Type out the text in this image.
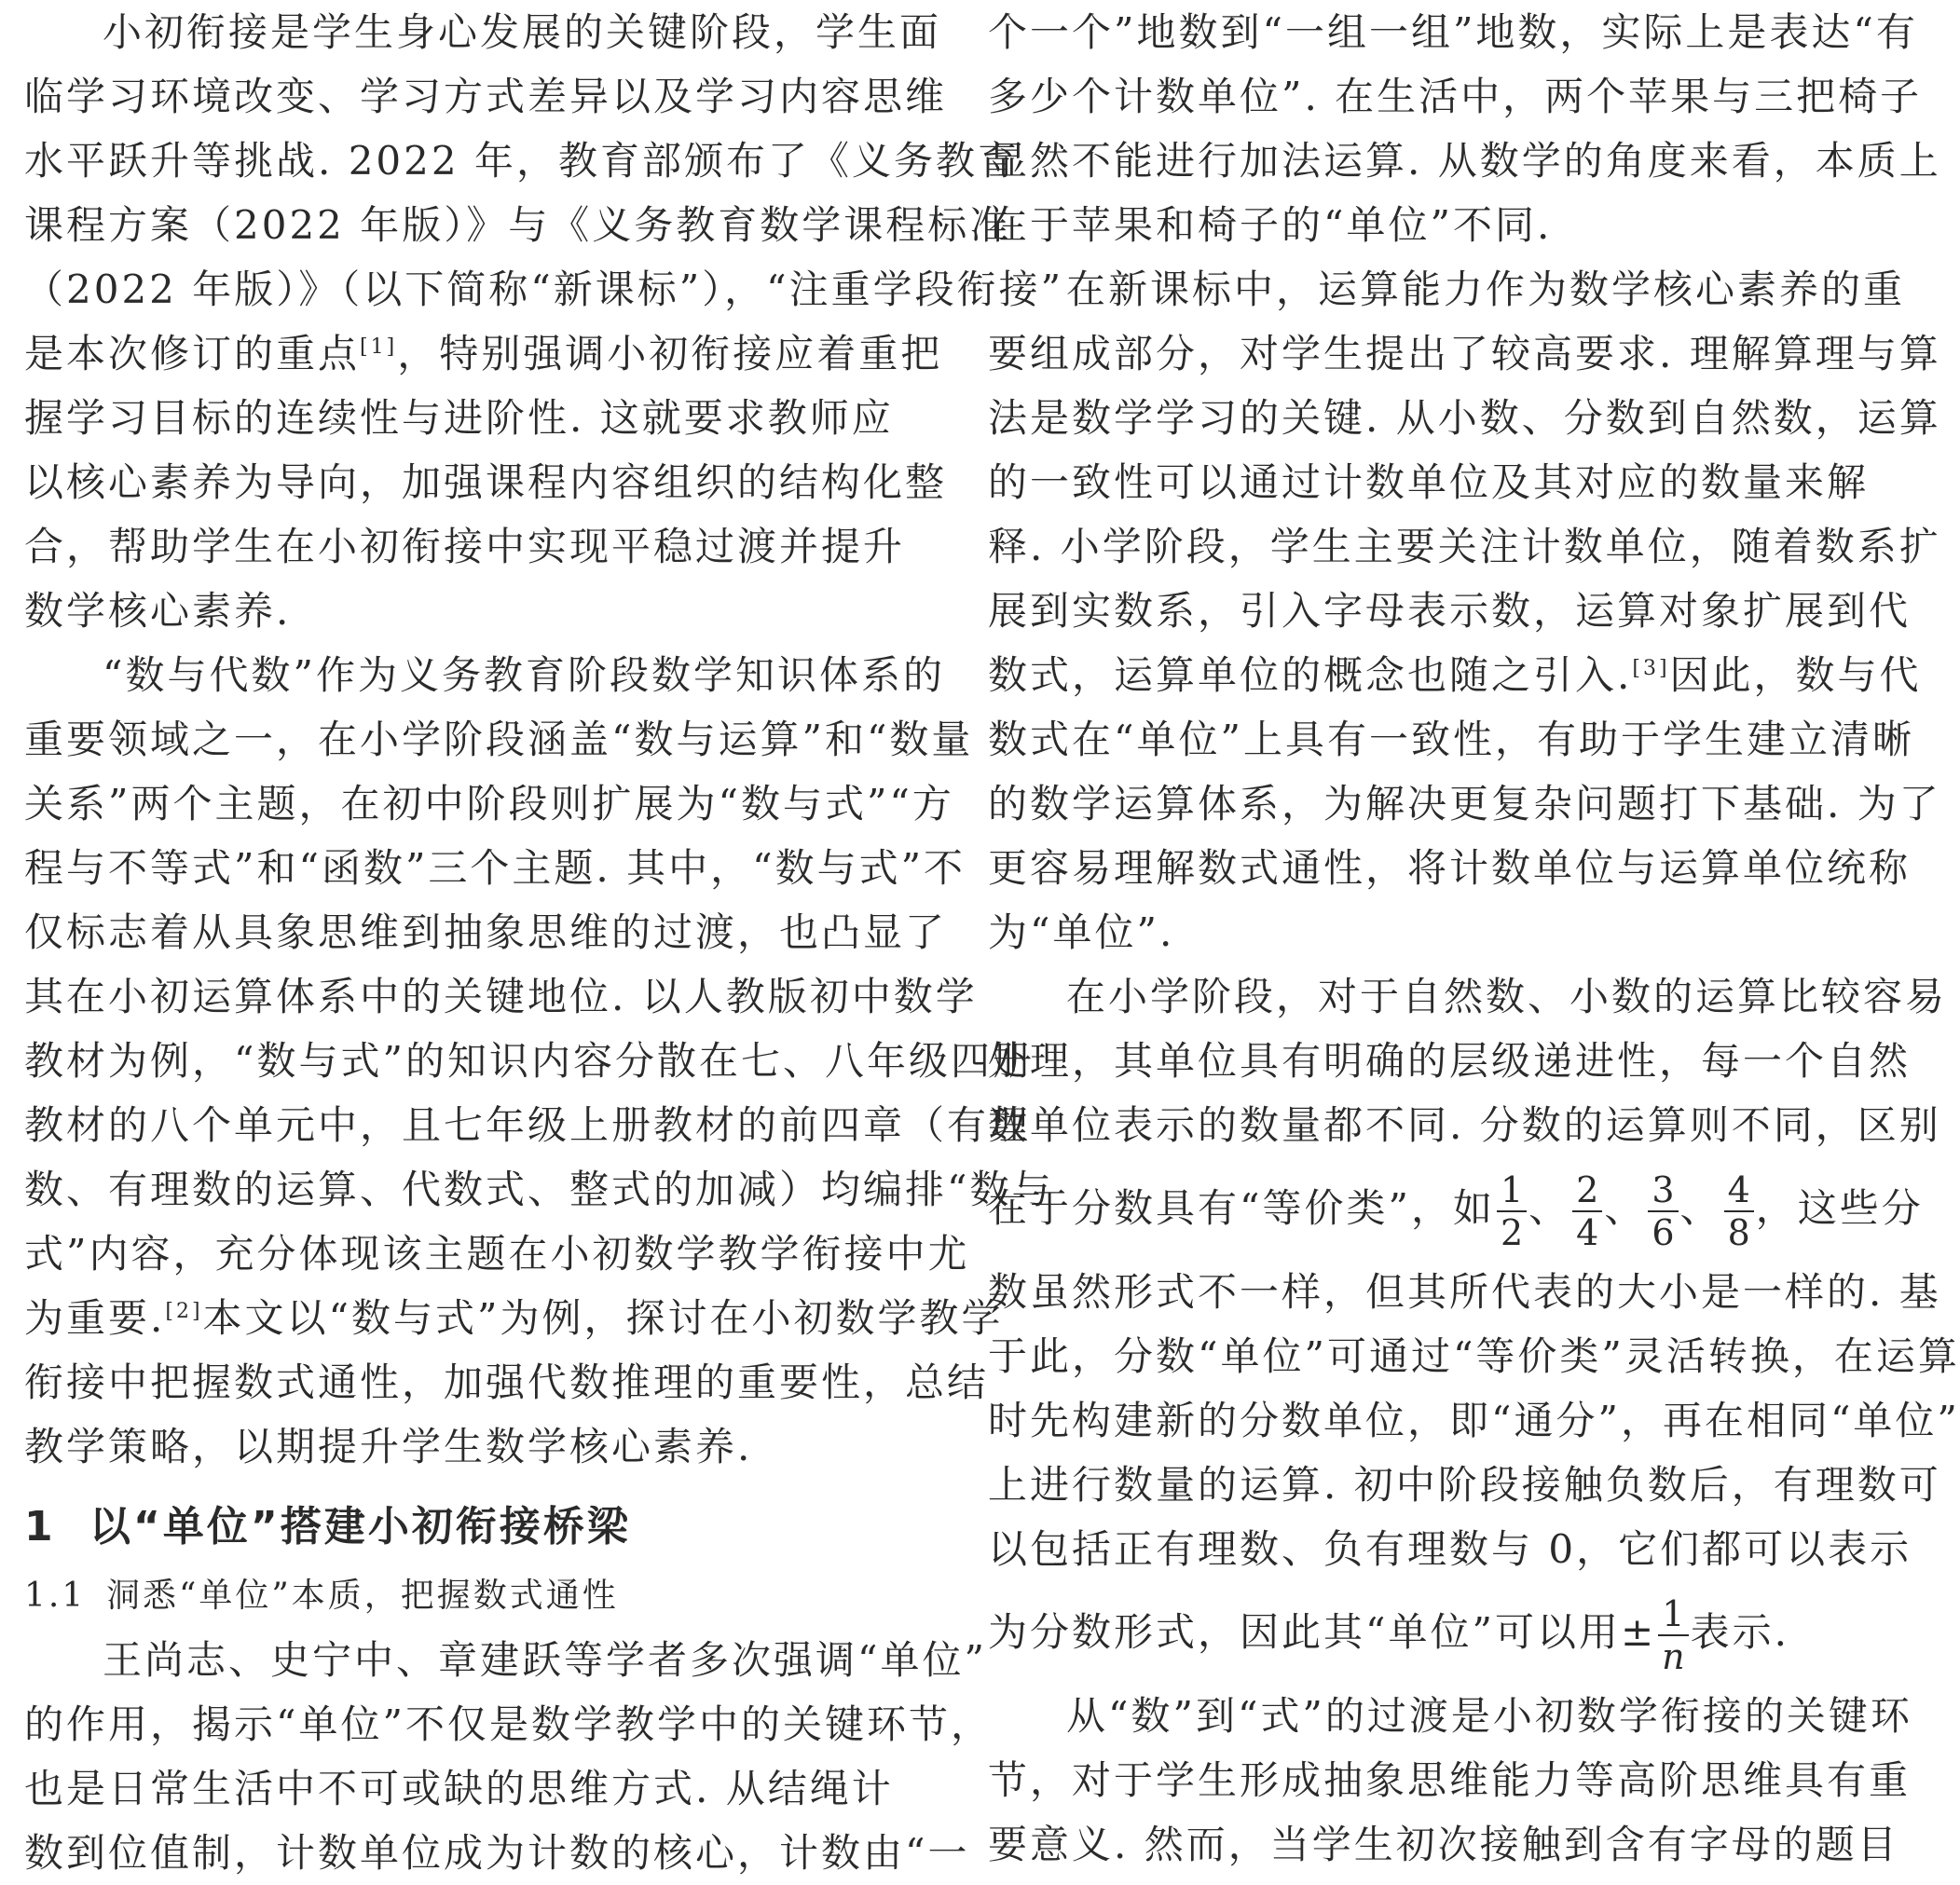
小初衔接是学生身心发展的关键阶段，学生面
临学习环境改变、学习方式差异以及学习内容思维
水平跃升等挑战. 2022 年，教育部颁布了《义务教育
课程方案（2022 年版）》与《义务教育数学课程标准
（2022 年版）》（以下简称“新课标”），“注重学段衔接”
是本次修订的重点[1]，特别强调小初衔接应着重把
握学习目标的连续性与进阶性. 这就要求教师应
以核心素养为导向，加强课程内容组织的结构化整
合，帮助学生在小初衔接中实现平稳过渡并提升
数学核心素养.
“数与代数”作为义务教育阶段数学知识体系的
重要领域之一，在小学阶段涵盖“数与运算”和“数量
关系”两个主题，在初中阶段则扩展为“数与式”“方
程与不等式”和“函数”三个主题. 其中，“数与式”不
仅标志着从具象思维到抽象思维的过渡，也凸显了
其在小初运算体系中的关键地位. 以人教版初中数学
教材为例，“数与式”的知识内容分散在七、八年级四册
教材的八个单元中，且七年级上册教材的前四章（有理
数、有理数的运算、代数式、整式的加减）均编排“数与
式”内容，充分体现该主题在小初数学教学衔接中尤
为重要.[2]本文以“数与式”为例，探讨在小初数学教学
衔接中把握数式通性，加强代数推理的重要性，总结
教学策略，以期提升学生数学核心素养.
1 以“单位”搭建小初衔接桥梁
1.1 洞悉“单位”本质，把握数式通性
王尚志、史宁中、章建跃等学者多次强调“单位”
的作用，揭示“单位”不仅是数学教学中的关键环节，
也是日常生活中不可或缺的思维方式. 从结绳计
数到位值制，计数单位成为计数的核心，计数由“一
个一个”地数到“一组一组”地数，实际上是表达“有
多少个计数单位”. 在生活中，两个苹果与三把椅子
显然不能进行加法运算. 从数学的角度来看，本质上
在于苹果和椅子的“单位”不同.
在新课标中，运算能力作为数学核心素养的重
要组成部分，对学生提出了较高要求. 理解算理与算
法是数学学习的关键. 从小数、分数到自然数，运算
的一致性可以通过计数单位及其对应的数量来解
释. 小学阶段，学生主要关注计数单位，随着数系扩
展到实数系，引入字母表示数，运算对象扩展到代
数式，运算单位的概念也随之引入.[3]因此，数与代
数式在“单位”上具有一致性，有助于学生建立清晰
的数学运算体系，为解决更复杂问题打下基础. 为了
更容易理解数式通性，将计数单位与运算单位统称
为“单位”.
在小学阶段，对于自然数、小数的运算比较容易
处理，其单位具有明确的层级递进性，每一个自然
数单位表示的数量都不同. 分数的运算则不同，区别
在于分数具有“等价类”，如 $\frac{1}{2}$ 、 $\frac{2}{4}$ 、 $\frac{3}{6}$ 、 $\frac{4}{8}$ ，这些分
数虽然形式不一样，但其所代表的大小是一样的. 基
于此，分数“单位”可通过“等价类”灵活转换，在运算
时先构建新的分数单位，即“通分”，再在相同“单位”
上进行数量的运算. 初中阶段接触负数后，有理数可
以包括正有理数、负有理数与 0，它们都可以表示
为分数形式，因此其“单位”可以用± $\frac{1}{n}$ 表示.
从“数”到“式”的过渡是小初数学衔接的关键环
节，对于学生形成抽象思维能力等高阶思维具有重
要意义. 然而，当学生初次接触到含有字母的题目
